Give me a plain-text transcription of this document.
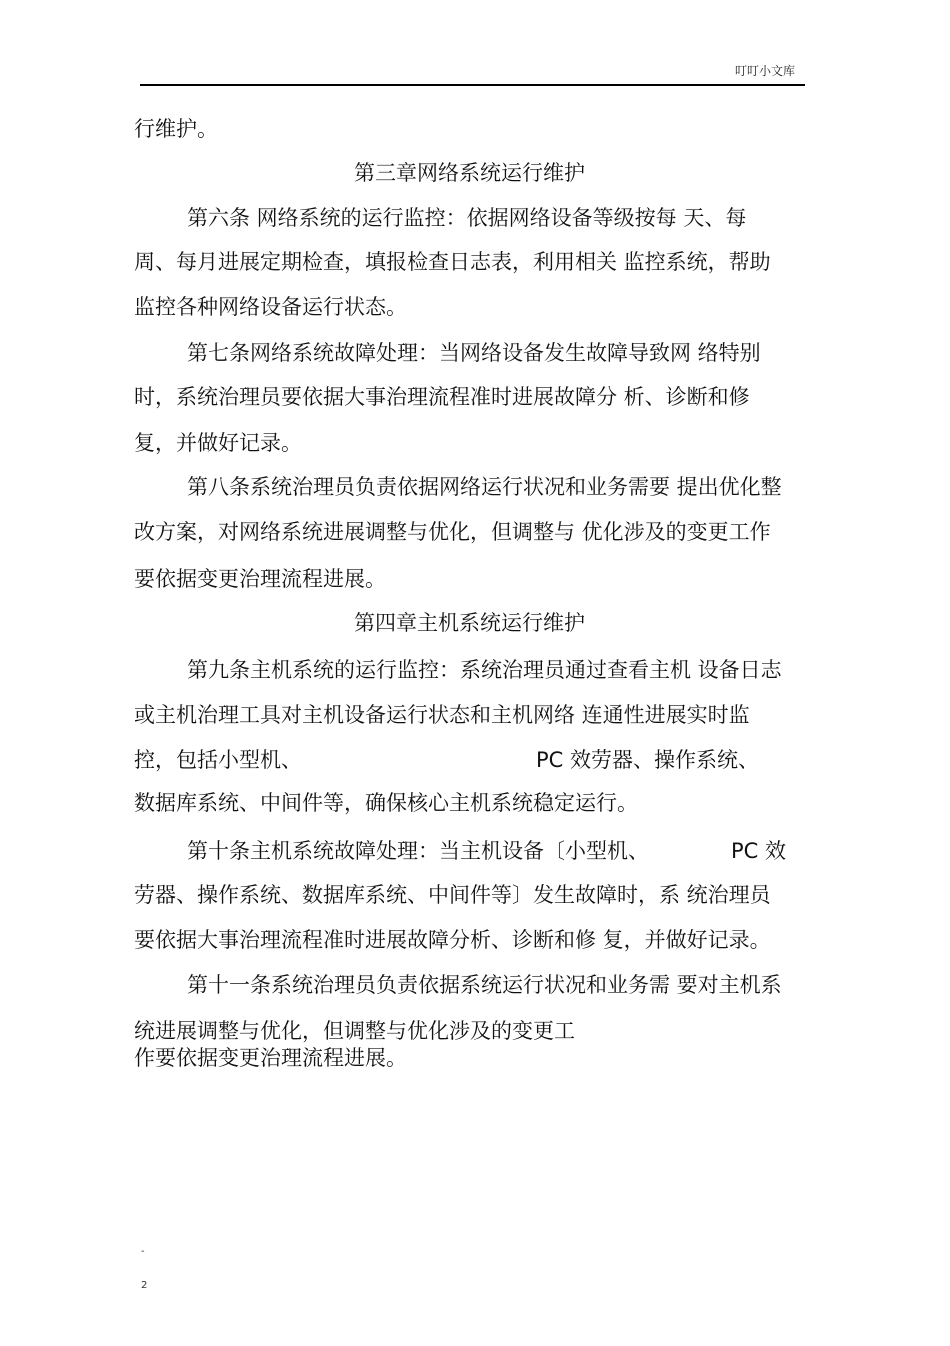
叮叮小文库
行维护。
第三章网络系统运行维护
第六条 网络系统的运行监控：依据网络设备等级按每 天、每
周、每月进展定期检查，填报检查日志表，利用相关 监控系统，帮助
监控各种网络设备运行状态。
第七条网络系统故障处理：当网络设备发生故障导致网 络特别
时，系统治理员要依据大事治理流程准时进展故障分 析、诊断和修
复，并做好记录。
第八条系统治理员负责依据网络运行状况和业务需要 提出优化整
改方案，对网络系统进展调整与优化，但调整与 优化涉及的变更工作
要依据变更治理流程进展。
第四章主机系统运行维护
第九条主机系统的运行监控：系统治理员通过查看主机 设备日志
或主机治理工具对主机设备运行状态和主机网络 连通性进展实时监
控，包括小型机、	PC 效劳器、操作系统、
数据库系统、中间件等，确保核心主机系统稳定运行。
第十条主机系统故障处理：当主机设备〔小型机、	PC 效
劳器、操作系统、数据库系统、中间件等〕发生故障时，系 统治理员
要依据大事治理流程准时进展故障分析、诊断和修 复，并做好记录。
第十一条系统治理员负责依据系统运行状况和业务需 要对主机系
统进展调整与优化，但调整与优化涉及的变更工
作要依据变更治理流程进展。
-
2
